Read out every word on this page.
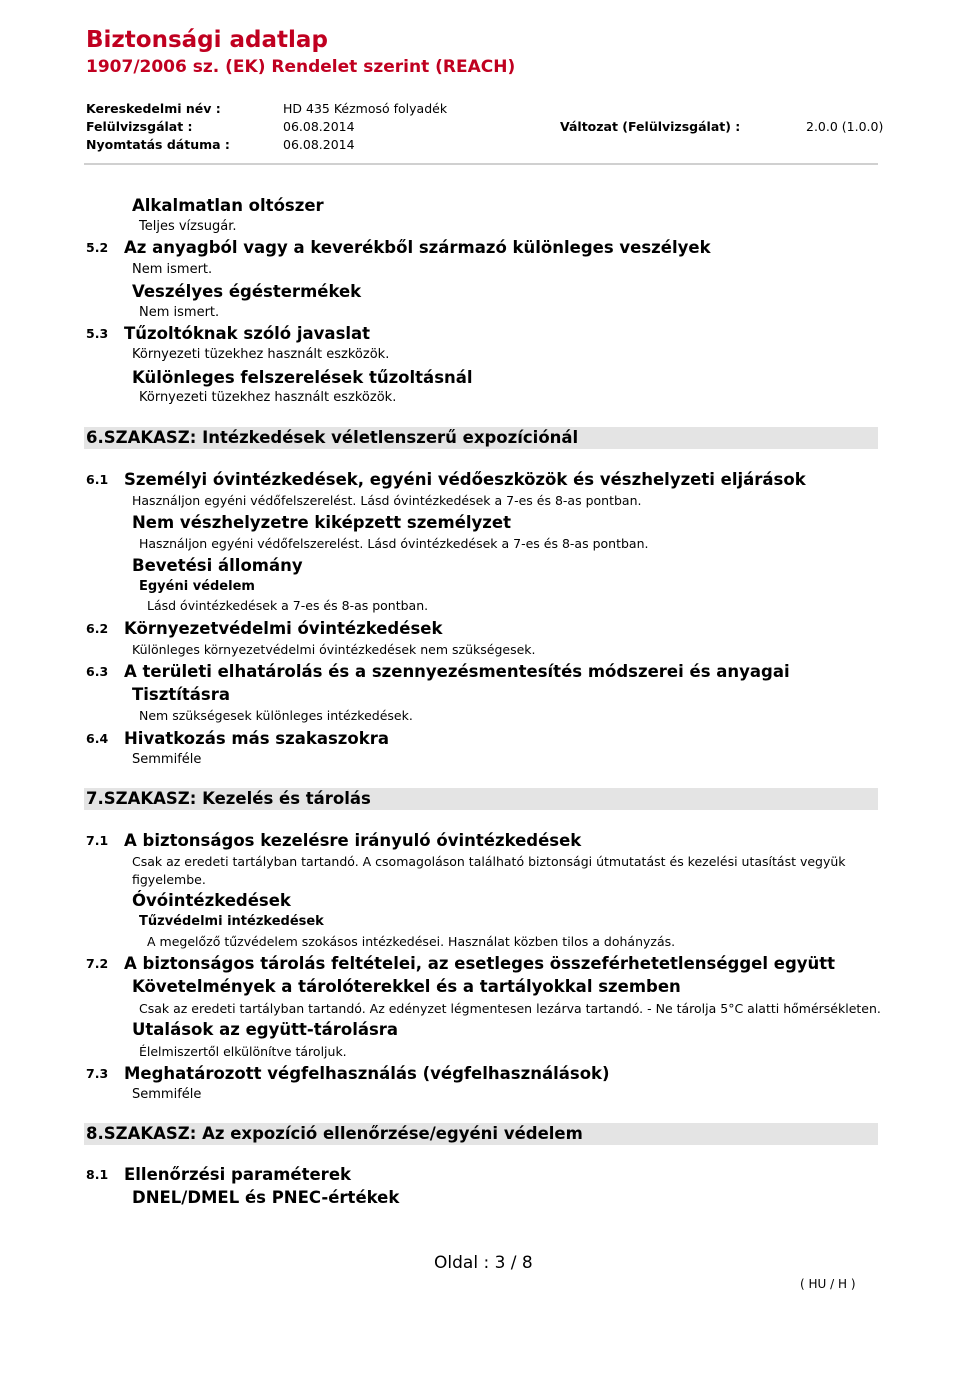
Biztonsági adatlap
1907/2006 sz. (EK) Rendelet szerint (REACH)
Kereskedelmi név :	HD 435 Kézmosó folyadék
Felülvizsgálat :	06.08.2014	Változat (Felülvizsgálat) :	2.0.0 (1.0.0)
Nyomtatás dátuma :	06.08.2014
Alkalmatlan oltószer
Teljes vízsugár.
5.2 Az anyagból vagy a keverékből származó különleges veszélyek
Nem ismert.
Veszélyes égéstermékek
Nem ismert.
5.3 Tűzoltóknak szóló javaslat
Környezeti tüzekhez használt eszközök.
Különleges felszerelések tűzoltásnál
Környezeti tüzekhez használt eszközök.
6.SZAKASZ: Intézkedések véletlenszerű expozíciónál
6.1 Személyi óvintézkedések, egyéni védőeszközök és vészhelyzeti eljárások
Használjon egyéni védőfelszerelést. Lásd óvintézkedések a 7-es és 8-as pontban.
Nem vészhelyzetre kiképzett személyzet
Használjon egyéni védőfelszerelést. Lásd óvintézkedések a 7-es és 8-as pontban.
Bevetési állomány
Egyéni védelem
Lásd óvintézkedések a 7-es és 8-as pontban.
6.2 Környezetvédelmi óvintézkedések
Különleges környezetvédelmi óvintézkedések nem szükségesek.
6.3 A területi elhatárolás és a szennyezésmentesítés módszerei és anyagai
Tisztításra
Nem szükségesek különleges intézkedések.
6.4 Hivatkozás más szakaszokra
Semmiféle
7.SZAKASZ: Kezelés és tárolás
7.1 A biztonságos kezelésre irányuló óvintézkedések
Csak az eredeti tartályban tartandó. A csomagoláson található biztonsági útmutatást és kezelési utasítást vegyük
figyelembe.
Óvóintézkedések
Tűzvédelmi intézkedések
A megelőző tűzvédelem szokásos intézkedései. Használat közben tilos a dohányzás.
7.2 A biztonságos tárolás feltételei, az esetleges összeférhetetlenséggel együtt
Követelmények a tárolóterekkel és a tartályokkal szemben
Csak az eredeti tartályban tartandó. Az edényzet légmentesen lezárva tartandó. - Ne tárolja 5°C alatti hőmérsékleten.
Utalások az együtt-tárolásra
Élelmiszertől elkülönítve tároljuk.
7.3 Meghatározott végfelhasználás (végfelhasználások)
Semmiféle
8.SZAKASZ: Az expozíció ellenőrzése/egyéni védelem
8.1 Ellenőrzési paraméterek
DNEL/DMEL és PNEC-értékek
Oldal : 3 / 8
( HU / H )
